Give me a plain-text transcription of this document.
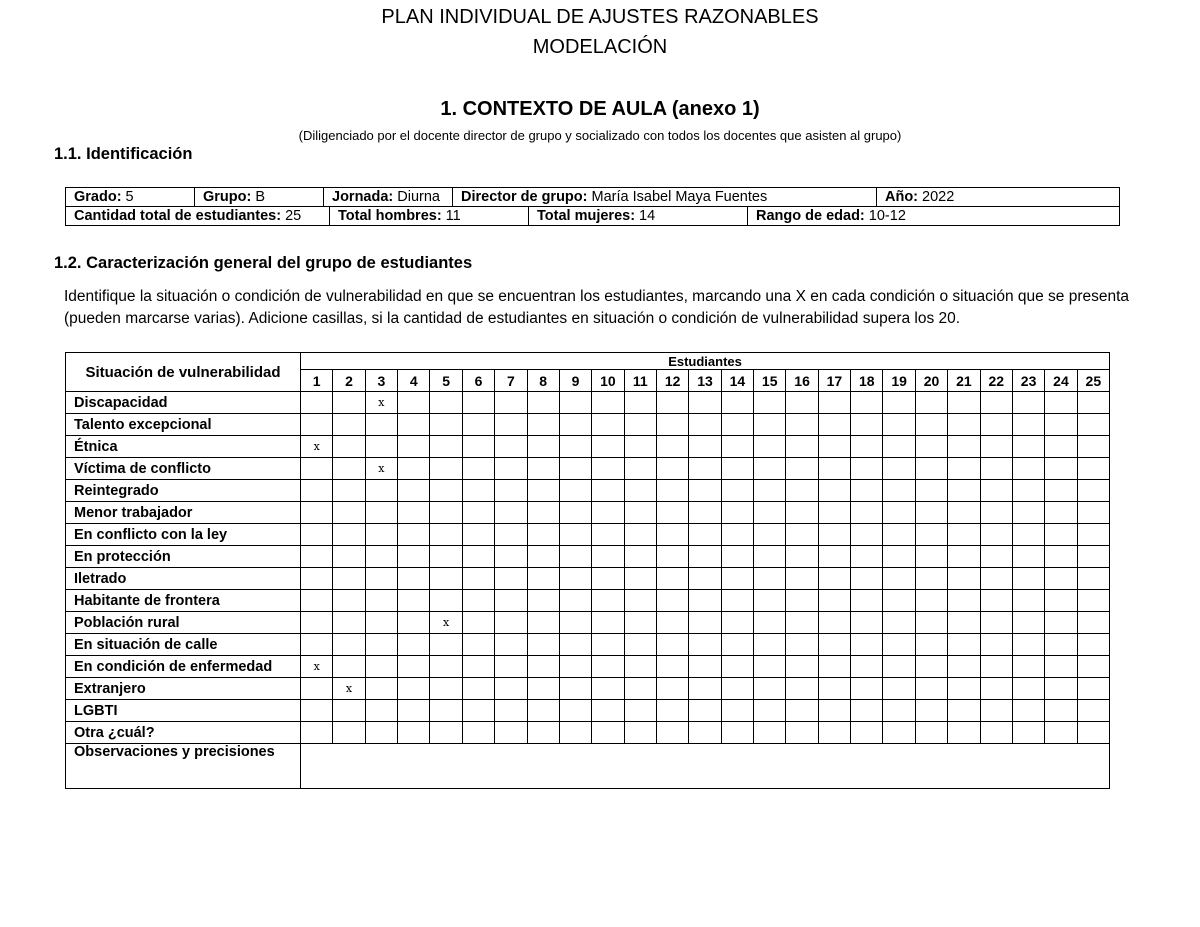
PLAN INDIVIDUAL DE AJUSTES RAZONABLES
MODELACIÓN
1. CONTEXTO DE AULA (anexo 1)
(Diligenciado por el docente director de grupo y socializado con todos los docentes que asisten al grupo)
1.1. Identificación
Grado: 5	Grupo: B	Jornada: Diurna	Director de grupo: María Isabel Maya Fuentes	Año: 2022
Cantidad total de estudiantes: 25	Total hombres: 11	Total mujeres: 14	Rango de edad: 10-12
1.2. Caracterización general del grupo de estudiantes
Identifique la situación o condición de vulnerabilidad en que se encuentran los estudiantes, marcando una X en cada condición o situación que se presenta (pueden marcarse varias). Adicione casillas, si la cantidad de estudiantes en situación o condición de vulnerabilidad supera los 20.
Situación de vulnerabilidad	Estudiantes																								
	1	2	3	4	5	6	7	8	9	10	11	12	13	14	15	16	17	18	19	20	21	22	23	24	25
Discapacidad			x																						
Talento excepcional																									
Étnica	x																								
Víctima de conflicto			x																						
Reintegrado																									
Menor trabajador																									
En conflicto con la ley																									
En protección																									
Iletrado																									
Habitante de frontera																									
Población rural					x																				
En situación de calle																									
En condición de enfermedad	x																								
Extranjero		x																							
LGBTI																									
Otra ¿cuál?																									
Observaciones y precisiones																									
